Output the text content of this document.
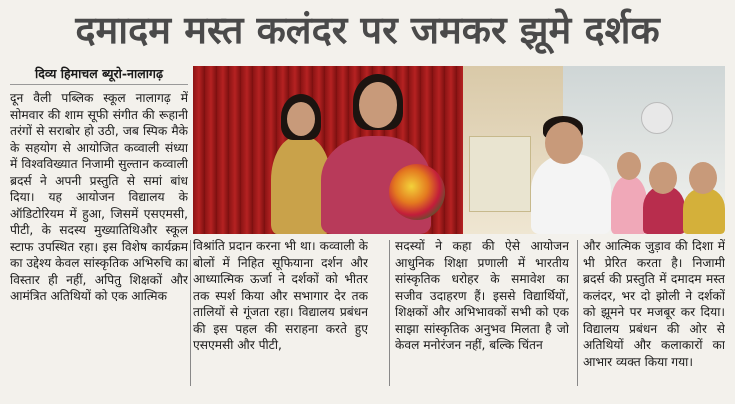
दमादम मस्त कलंदर पर जमकर झूमे दर्शक
दिव्य हिमाचल ब्यूरो-नालागढ़
दून वैली पब्लिक स्कूल नालागढ़ में सोमवार की शाम सूफी संगीत की रूहानी तरंगों से सराबोर हो उठी, जब स्पिक मैके के सहयोग से आयोजित कव्वाली संध्या में विश्वविख्यात निजामी सुल्तान कव्वाली ब्रदर्स ने अपनी प्रस्तुति से समां बांध दिया। यह आयोजन विद्यालय के ऑडिटोरियम में हुआ, जिसमें एसएमसी, पीटी, के सदस्य मुख्यातिथिऔर स्कूल स्टाफ उपस्थित रहा। इस विशेष कार्यक्रम का उद्देश्य केवल सांस्कृतिक अभिरुचि का विस्तार ही नहीं, अपितु शिक्षकों और आमंत्रित अतिथियों को एक आत्मिक
विश्रांति प्रदान करना भी था। कव्वाली के बोलों में निहित सूफियाना दर्शन और आध्यात्मिक ऊर्जा ने दर्शकों को भीतर तक स्पर्श किया और सभागार देर तक तालियों से गूंजता रहा। विद्यालय प्रबंधन की इस पहल की सराहना करते हुए एसएमसी और पीटी,
सदस्यों ने कहा की ऐसे आयोजन आधुनिक शिक्षा प्रणाली में भारतीय सांस्कृतिक धरोहर के समावेश का सजीव उदाहरण हैं। इससे विद्यार्थियों, शिक्षकों और अभिभावकों सभी को एक साझा सांस्कृतिक अनुभव मिलता है जो केवल मनोरंजन नहीं, बल्कि चिंतन
और आत्मिक जुड़ाव की दिशा में भी प्रेरित करता है। निजामी ब्रदर्स की प्रस्तुति में दमादम मस्त कलंदर, भर दो झोली ने दर्शकों को झूमने पर मजबूर कर दिया। विद्यालय प्रबंधन की ओर से अतिथियों और कलाकारों का आभार व्यक्त किया गया।
